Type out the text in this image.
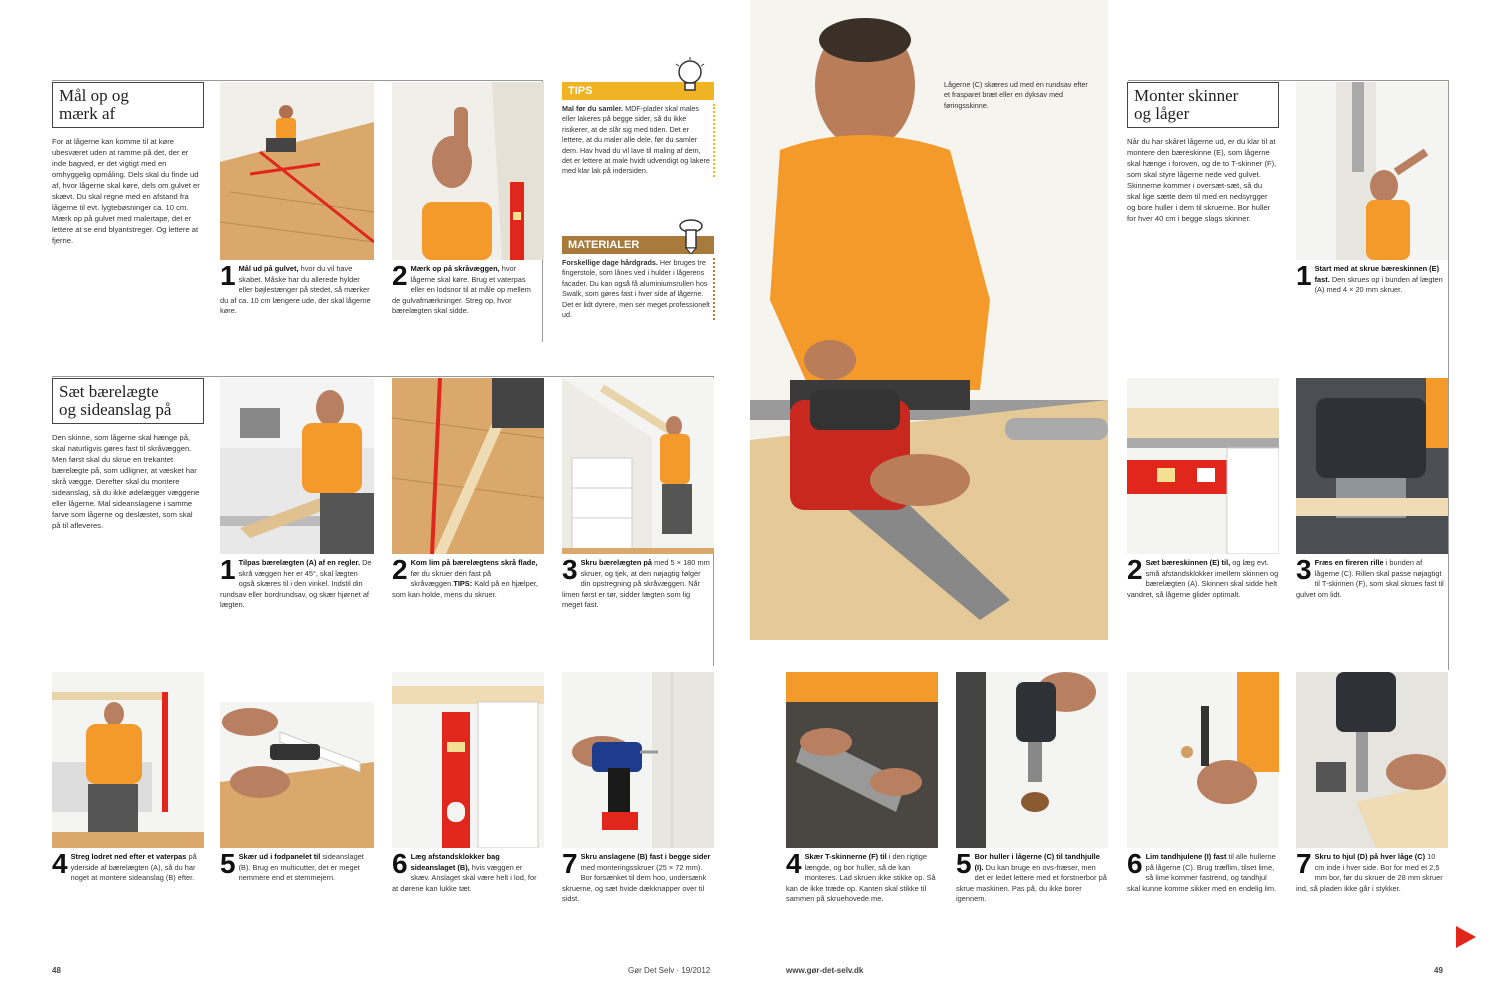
Mål op og
mærk af
For at lågerne kan komme til at køre ubesværet uden at ramme på det, der er inde bagved, er det vigtigt med en omhyggelig opmåling. Dels skal du finde ud af, hvor lågerne skal køre, dels om gulvet er skævt. Du skal regne med en afstand fra lågerne til evt. lygtebøsninger ca. 10 cm. Mærk op på gulvet med malertape, det er lettere at se end blyantstreger. Og lettere at fjerne.
1 Mål ud på gulvet, hvor du vil have skabet. Måske har du allerede hylder eller bøjlestænger på stedet, så mærker du af ca. 10 cm længere ude, der skal lågerne køre.
2 Mærk op på skråvæggen, hvor lågerne skal køre. Brug et vaterpas eller en lodsnor til at måle op mellem de gulvafmærkninger. Streg op, hvor bærelægten skal sidde.
TIPS
Mal før du samler. MDF-plader skal males eller lakeres på begge sider, så du ikke risikerer, at de slår sig med tiden. Det er lettere, at du maler alle dele, før du samler dem. Hav hvad du vil lave til maling af dem, det er lettere at male hvidt udvendigt og lakere med klar lak på indersiden.
MATERIALER
Forskellige dage hårdgrads. Her bruges tre fingerstole, som lånes ved i hulder i lågerens facader. Du kan også få aluminiumsrullen hos Swalk, som gøres fast i hver side af lågerne. Det er lidt dyrere, men ser meget professionelt ud.
Sæt bærelægte
og sideanslag på
Den skinne, som lågerne skal hænge på, skal naturligvis gøres fast til skråvæggen. Men først skal du skrue en trekantet bærelægte på, som udligner, at væsket har skrå vægge. Derefter skal du montere sideanslag, så du ikke ødelægger væggene eller lågerne. Mal sideanslagene i samme farve som lågerne og deslæstet, som skal på til afleveres.
1 Tilpas bærelægten (A) af en regler. De skrå væggen her er 45°, skal lægten også skæres til i den vinkel. Indstil din rundsav eller bordrundsav, og skær hjørnet af lægten.
2 Kom lim på bærelægtens skrå flade, før du skruer den fast på skråvæggen.TIPS: Kald på en hjælper, som kan holde, mens du skruer.
3 Skru bærelægten på med 5 × 180 mm skruer, og tjek, at den nøjagtig følger din opstregning på skråvæggen. Når limen først er tør, sidder lægten som lig meget fast.
4 Streg lodret ned efter et vaterpas på yderside af bærelægten (A), så du har noget at montere sideanslag (B) efter. 5 Skær ud i fodpanelet til sideanslaget (B). Brug en multicutter, det er meget nemmere end et stemmejern.	6 Læg afstandsklokker bag sideanslaget (B), hvis væggen er skæv. Anslaget skal være helt i lod, for at dørene kan lukke tæt.
7 Skru anslagene (B) fast i begge sider med monteringsskruer (25 × 72 mm). Bor forsænket til dem hoo, undersænk skruerne, og sæt hvide dækknapper over til sidst.
Lågerne (C) skæres ud med en rundsav efter et frasparet bræt eller en dyksav med føringsskinne.
Monter skinner
og låger
Når du har skåret lågerne ud, er du klar til at montere den bæreskinne (E), som lågerne skal hænge i foroven, og de to T-skinner (F), som skal styre lågerne nede ved gulvet. Skinnerne kommer i oversæt-sæt, så du skal lige sætte dem til med en nedsyrgger og bore huller i dem til skruerne. Bor huller for hver 40 cm i begge slags skinner.
1 Start med at skrue bæreskinnen (E) fast. Den skrues op i bunden af lægten (A) med 4 × 20 mm skruer.
2 Sæt bæreskinnen (E) til, og læg evt. små afstandsklokker imellem skinnen og bærelægten (A). Skinnen skal sidde helt vandret, så lågerne glider optimalt.
3 Fræs en fireren rille i bunden af lågerne (C). Rillen skal passe nøjagtigt til T-skinnen (F), som skal skrues fast til gulvet om lidt.
4 Skær T-skinnerne (F) til i den rigtige længde, og bor huller, så de kan monteres. Lad skruen ikke stikke op. Så kan de ikke træde op. Kanten skal stikke til sammen på skruehovede me.
5 Bor huller i lågerne (C) til tandhjulle (I). Du kan bruge en ovs-fræser, men det er ledet lettere med et forstnerbor på skrue maskinen. Pas på, du ikke borer igennem.
6 Lim tandhjulene (I) fast til alle hullerne på lågerne (C). Brug træflim, tilset lime, så lime kommer fastrend, og tandhjul skal kunne komme sikker med en endelig lim.
7 Skru to hjul (D) på hver låge (C) 10 cm inde i hver side. Bor for med et 2,5 mm bor, før du skruer de 28 mm skruer ind, så pladen ikke går i stykker.
48	Gør Det Selv · 19/2012	www.gør-det-selv.dk	49
